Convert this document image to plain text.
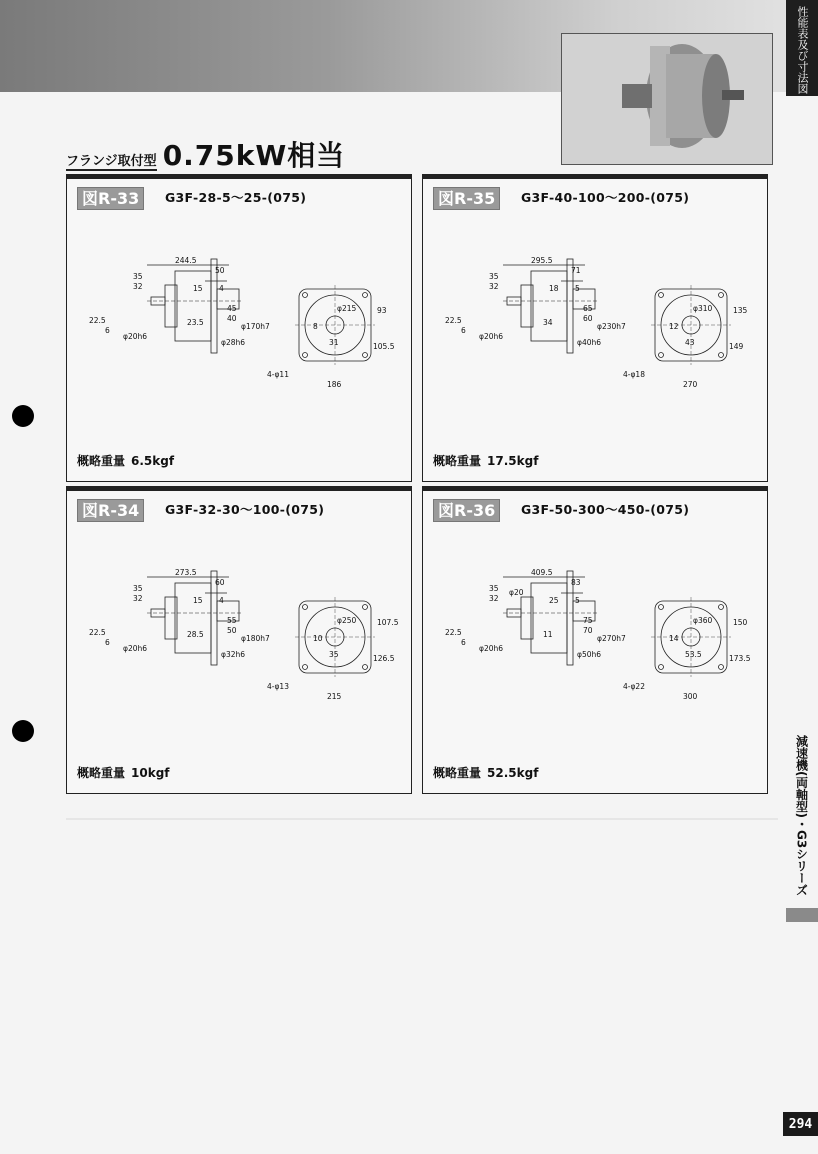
性能表及び寸法図
減速機(両軸型)・G3シリーズ
294
フランジ取付型 0.75kW相当
図R-33	G3F-28-5～25-(075)
244.5
50
35
32	15 4
45
40
23.5	φ170h7
φ28h6
φ20h6
22.5
6	8
31
φ215	93
105.5
4-φ11
186
概略重量 6.5kgf
図R-35	G3F-40-100～200-(075)
295.5
71
35
32	18 5
65
60
34	φ230h7
φ40h6
φ20h6
22.5
6	12
43
φ310	135
149
4-φ18
270
概略重量 17.5kgf
図R-34	G3F-32-30～100-(075)
273.5
60
35
32	15 4
55
50
28.5	φ180h7
φ32h6
φ20h6
22.5
6	10
35
φ250	107.5
126.5
4-φ13
215
概略重量 10kgf
図R-36	G3F-50-300～450-(075)
409.5
83
35
32	25 5
75
70
11	φ270h7
φ50h6
φ20h6
22.5
6
φ20
14
53.5
φ360	150
173.5
4-φ22
300
概略重量 52.5kgf
